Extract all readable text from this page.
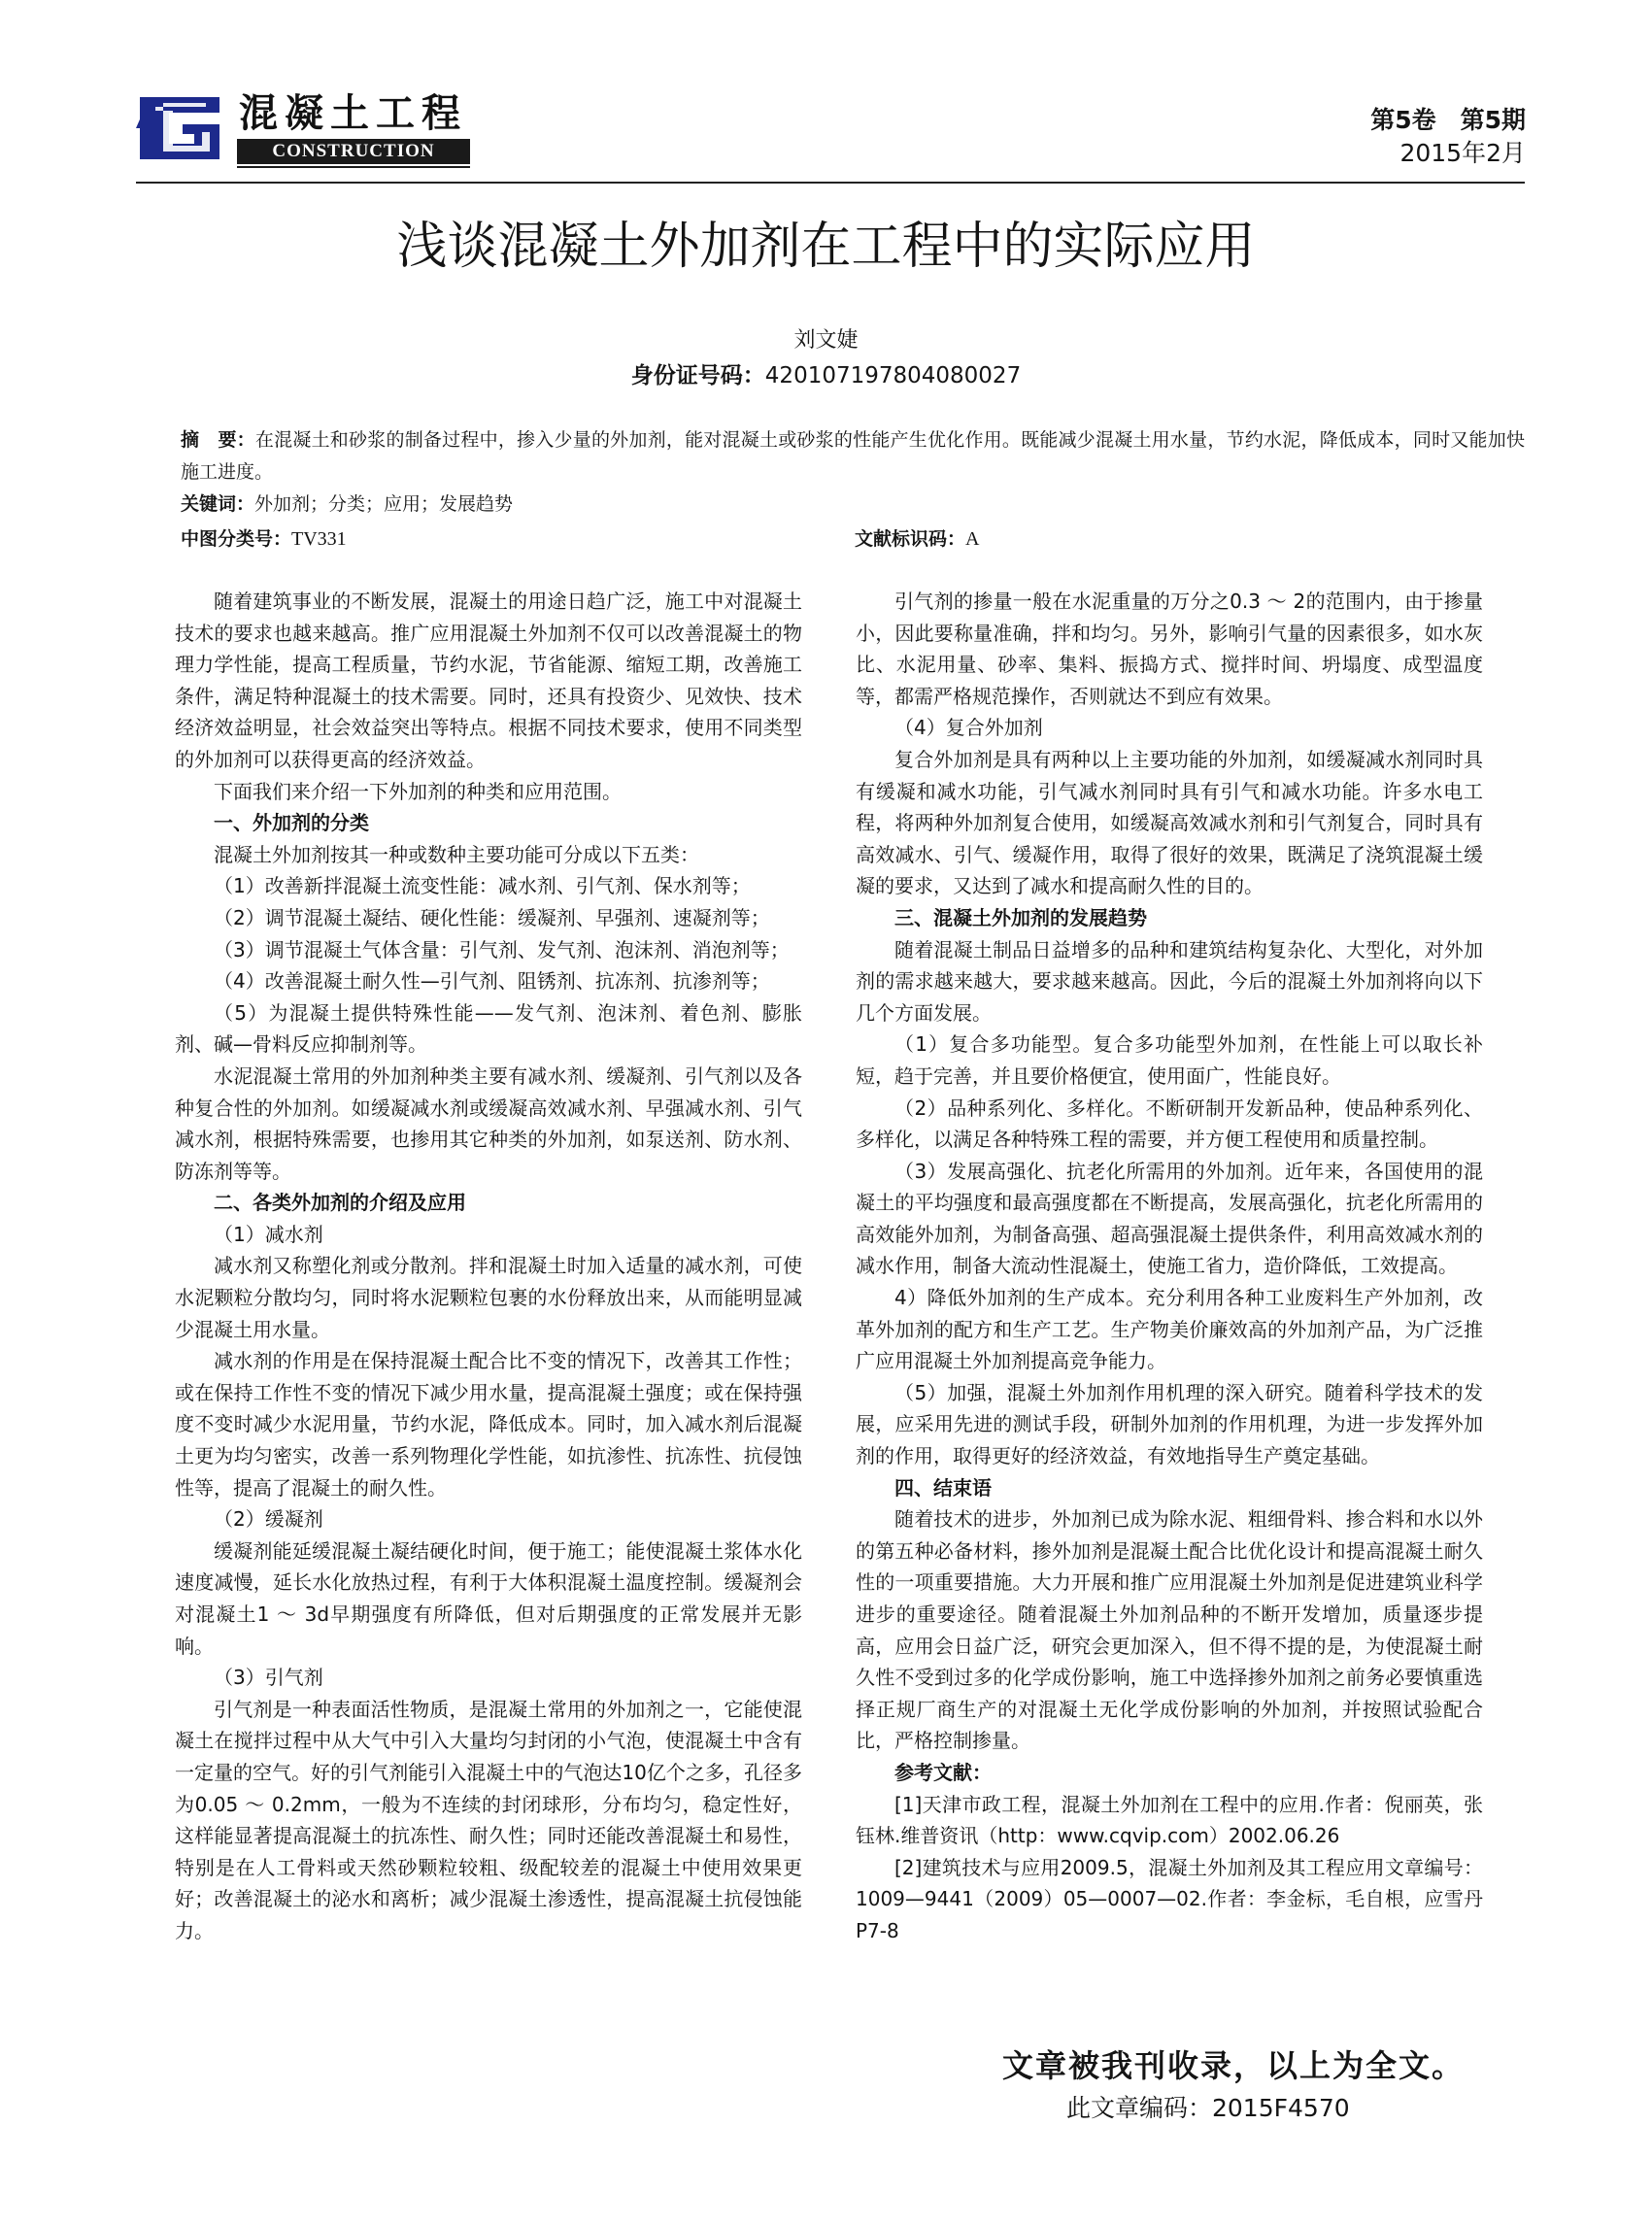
混凝土工程
CONSTRUCTION
第5卷　第5期
2015年2月
浅谈混凝土外加剂在工程中的实际应用
刘文婕
身份证号码：420107197804080027
摘　要：在混凝土和砂浆的制备过程中，掺入少量的外加剂，能对混凝土或砂浆的性能产生优化作用。既能减少混凝土用水量，节约水泥，降低成本，同时又能加快施工进度。
关键词：外加剂；分类；应用；发展趋势
中图分类号：TV331	文献标识码：A

随着建筑事业的不断发展，混凝土的用途日趋广泛，施工中对混凝土技术的要求也越来越高。推广应用混凝土外加剂不仅可以改善混凝土的物理力学性能，提高工程质量，节约水泥，节省能源、缩短工期，改善施工条件，满足特种混凝土的技术需要。同时，还具有投资少、见效快、技术经济效益明显，社会效益突出等特点。根据不同技术要求，使用不同类型的外加剂可以获得更高的经济效益。

下面我们来介绍一下外加剂的种类和应用范围。

一、外加剂的分类

混凝土外加剂按其一种或数种主要功能可分成以下五类：

（1）改善新拌混凝土流变性能：减水剂、引气剂、保水剂等；

（2）调节混凝土凝结、硬化性能：缓凝剂、早强剂、速凝剂等；

（3）调节混凝土气体含量：引气剂、发气剂、泡沫剂、消泡剂等；

（4）改善混凝土耐久性—引气剂、阻锈剂、抗冻剂、抗渗剂等；

（5）为混凝土提供特殊性能——发气剂、泡沫剂、着色剂、膨胀剂、碱—骨料反应抑制剂等。

水泥混凝土常用的外加剂种类主要有减水剂、缓凝剂、引气剂以及各种复合性的外加剂。如缓凝减水剂或缓凝高效减水剂、早强减水剂、引气减水剂，根据特殊需要，也掺用其它种类的外加剂，如泵送剂、防水剂、防冻剂等等。

二、各类外加剂的介绍及应用

（1）减水剂

减水剂又称塑化剂或分散剂。拌和混凝土时加入适量的减水剂，可使水泥颗粒分散均匀，同时将水泥颗粒包裹的水份释放出来，从而能明显减少混凝土用水量。

减水剂的作用是在保持混凝土配合比不变的情况下，改善其工作性；或在保持工作性不变的情况下减少用水量，提高混凝土强度；或在保持强度不变时减少水泥用量，节约水泥，降低成本。同时，加入减水剂后混凝土更为均匀密实，改善一系列物理化学性能，如抗渗性、抗冻性、抗侵蚀性等，提高了混凝土的耐久性。

（2）缓凝剂

缓凝剂能延缓混凝土凝结硬化时间，便于施工；能使混凝土浆体水化速度减慢，延长水化放热过程，有利于大体积混凝土温度控制。缓凝剂会对混凝土1 ～ 3d早期强度有所降低，但对后期强度的正常发展并无影响。

（3）引气剂

引气剂是一种表面活性物质，是混凝土常用的外加剂之一，它能使混凝土在搅拌过程中从大气中引入大量均匀封闭的小气泡，使混凝土中含有一定量的空气。好的引气剂能引入混凝土中的气泡达10亿个之多，孔径多为0.05 ～ 0.2mm，一般为不连续的封闭球形，分布均匀，稳定性好，这样能显著提高混凝土的抗冻性、耐久性；同时还能改善混凝土和易性，特别是在人工骨料或天然砂颗粒较粗、级配较差的混凝土中使用效果更好；改善混凝土的泌水和离析；减少混凝土渗透性，提高混凝土抗侵蚀能力。

引气剂的掺量一般在水泥重量的万分之0.3 ～ 2的范围内，由于掺量小，因此要称量准确，拌和均匀。另外，影响引气量的因素很多，如水灰比、水泥用量、砂率、集料、振捣方式、搅拌时间、坍塌度、成型温度等，都需严格规范操作，否则就达不到应有效果。

（4）复合外加剂

复合外加剂是具有两种以上主要功能的外加剂，如缓凝减水剂同时具有缓凝和减水功能，引气减水剂同时具有引气和减水功能。许多水电工程，将两种外加剂复合使用，如缓凝高效减水剂和引气剂复合，同时具有高效减水、引气、缓凝作用，取得了很好的效果，既满足了浇筑混凝土缓凝的要求，又达到了减水和提高耐久性的目的。

三、混凝土外加剂的发展趋势

随着混凝土制品日益增多的品种和建筑结构复杂化、大型化，对外加剂的需求越来越大，要求越来越高。因此，今后的混凝土外加剂将向以下几个方面发展。

（1）复合多功能型。复合多功能型外加剂，在性能上可以取长补短，趋于完善，并且要价格便宜，使用面广，性能良好。

（2）品种系列化、多样化。不断研制开发新品种，使品种系列化、多样化，以满足各种特殊工程的需要，并方便工程使用和质量控制。

（3）发展高强化、抗老化所需用的外加剂。近年来，各国使用的混凝土的平均强度和最高强度都在不断提高，发展高强化，抗老化所需用的高效能外加剂，为制备高强、超高强混凝土提供条件，利用高效减水剂的减水作用，制备大流动性混凝土，使施工省力，造价降低，工效提高。

4）降低外加剂的生产成本。充分利用各种工业废料生产外加剂，改革外加剂的配方和生产工艺。生产物美价廉效高的外加剂产品，为广泛推广应用混凝土外加剂提高竞争能力。

（5）加强，混凝土外加剂作用机理的深入研究。随着科学技术的发展，应采用先进的测试手段，研制外加剂的作用机理，为进一步发挥外加剂的作用，取得更好的经济效益，有效地指导生产奠定基础。

四、结束语

随着技术的进步，外加剂已成为除水泥、粗细骨料、掺合料和水以外的第五种必备材料，掺外加剂是混凝土配合比优化设计和提高混凝土耐久性的一项重要措施。大力开展和推广应用混凝土外加剂是促进建筑业科学进步的重要途径。随着混凝土外加剂品种的不断开发增加，质量逐步提高，应用会日益广泛，研究会更加深入，但不得不提的是，为使混凝土耐久性不受到过多的化学成份影响，施工中选择掺外加剂之前务必要慎重选择正规厂商生产的对混凝土无化学成份影响的外加剂，并按照试验配合比，严格控制掺量。

参考文献：

[1]天津市政工程，混凝土外加剂在工程中的应用.作者：倪丽英，张钰林.维普资讯（http：www.cqvip.com）2002.06.26

[2]建筑技术与应用2009.5，混凝土外加剂及其工程应用文章编号：1009—9441（2009）05—0007—02.作者：李金标，毛自根，应雪丹P7-8

文章被我刊收录，以上为全文。
此文章编码：2015F4570
